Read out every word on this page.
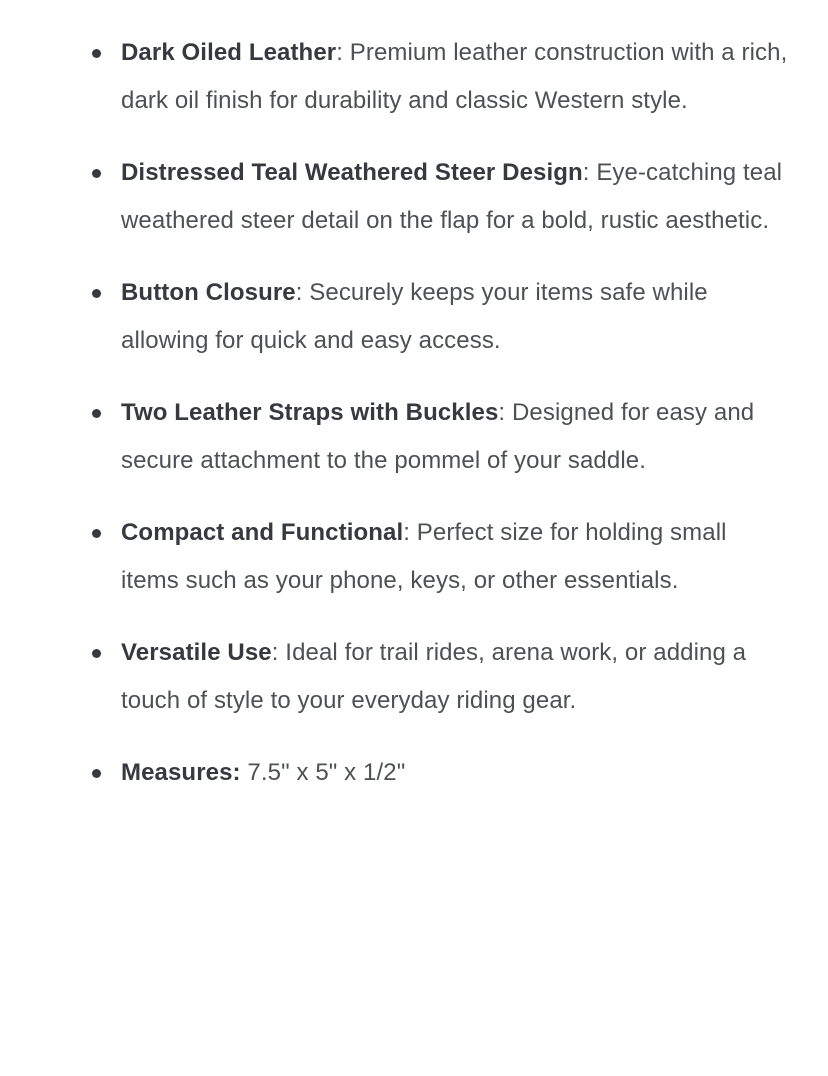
Dark Oiled Leather: Premium leather construction with a rich, dark oil finish for durability and classic Western style.
Distressed Teal Weathered Steer Design: Eye-catching teal weathered steer detail on the flap for a bold, rustic aesthetic.
Button Closure: Securely keeps your items safe while allowing for quick and easy access.
Two Leather Straps with Buckles: Designed for easy and secure attachment to the pommel of your saddle.
Compact and Functional: Perfect size for holding small items such as your phone, keys, or other essentials.
Versatile Use: Ideal for trail rides, arena work, or adding a touch of style to your everyday riding gear.
Measures: 7.5" x 5" x 1/2"
